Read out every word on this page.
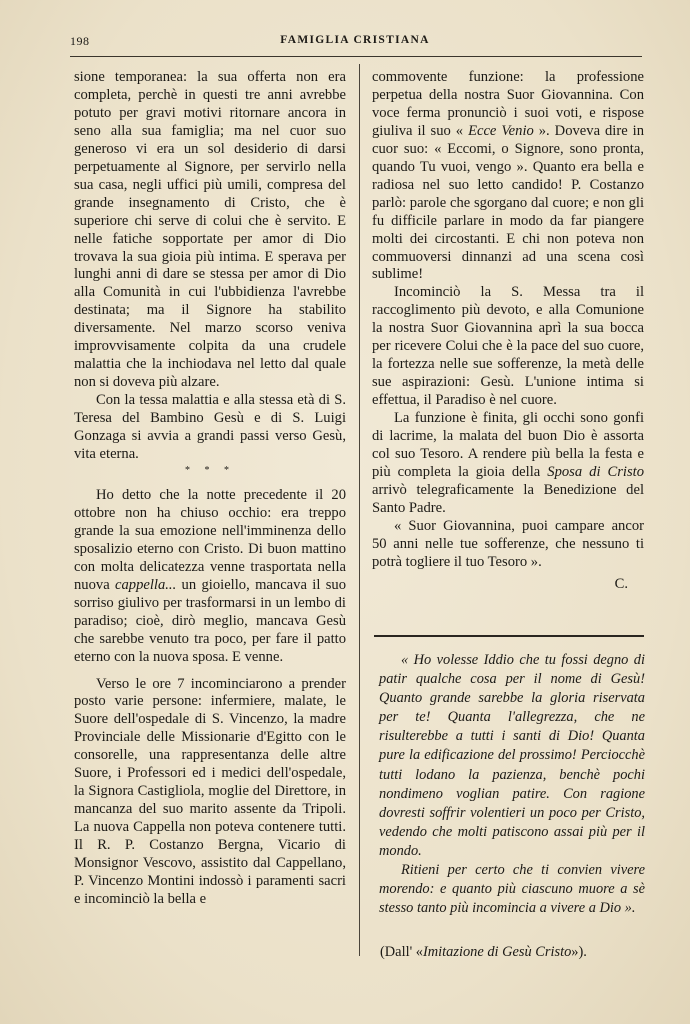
198	FAMIGLIA CRISTIANA

sione temporanea: la sua offerta non era completa, perchè in questi tre anni avrebbe potuto per gravi motivi ritornare ancora in seno alla sua famiglia; ma nel cuor suo generoso vi era un sol desiderio di darsi perpetuamente al Signore, per servirlo nella sua casa, negli uffici più umili, compresa del grande insegnamento di Cristo, che è superiore chi serve di colui che è servito. E nelle fatiche sopportate per amor di Dio trovava la sua gioia più intima. E sperava per lunghi anni di dare se stessa per amor di Dio alla Comunità in cui l'ubbidienza l'avrebbe destinata; ma il Signore ha stabilito diversamente. Nel marzo scorso veniva improvvisamente colpita da una crudele malattia che la inchiodava nel letto dal quale non si doveva più alzare.

Con la tessa malattia e alla stessa età di S. Teresa del Bambino Gesù e di S. Luigi Gonzaga si avvia a grandi passi verso Gesù, vita eterna.

* * *

Ho detto che la notte precedente il 20 ottobre non ha chiuso occhio: era treppo grande la sua emozione nell'imminenza dello sposalizio eterno con Cristo. Di buon mattino con molta delicatezza venne trasportata nella nuova cappella... un gioiello, mancava il suo sorriso giulivo per trasformarsi in un lembo di paradiso; cioè, dirò meglio, mancava Gesù che sarebbe venuto tra poco, per fare il patto eterno con la nuova sposa. E venne.

Verso le ore 7 incominciarono a prender posto varie persone: infermiere, malate, le Suore dell'ospedale di S. Vincenzo, la madre Provinciale delle Missionarie d'Egitto con le consorelle, una rappresentanza delle altre Suore, i Professori ed i medici dell'ospedale, la Signora Castigliola, moglie del Direttore, in mancanza del suo marito assente da Tripoli. La nuova Cappella non poteva contenere tutti. Il R. P. Costanzo Bergna, Vicario di Monsignor Vescovo, assistito dal Cappellano, P. Vincenzo Montini indossò i paramenti sacri e incominciò la bella e

commovente funzione: la professione perpetua della nostra Suor Giovannina. Con voce ferma pronunciò i suoi voti, e rispose giuliva il suo « Ecce Venio ». Doveva dire in cuor suo: « Eccomi, o Signore, sono pronta, quando Tu vuoi, vengo ». Quanto era bella e radiosa nel suo letto candido! P. Costanzo parlò: parole che sgorgano dal cuore; e non gli fu difficile parlare in modo da far piangere molti dei circostanti. E chi non poteva non commuoversi dinnanzi ad una scena così sublime!

Incominciò la S. Messa tra il raccoglimento più devoto, e alla Comunione la nostra Suor Giovannina aprì la sua bocca per ricevere Colui che è la pace del suo cuore, la fortezza nelle sue sofferenze, la metà delle sue aspirazioni: Gesù. L'unione intima si effettua, il Paradiso è nel cuore.

La funzione è finita, gli occhi sono gonfi di lacrime, la malata del buon Dio è assorta col suo Tesoro. A rendere più bella la festa e più completa la gioia della Sposa di Cristo arrivò telegraficamente la Benedizione del Santo Padre.

« Suor Giovannina, puoi campare ancor 50 anni nelle tue sofferenze, che nessuno ti potrà togliere il tuo Tesoro ».

C.

« Ho volesse Iddio che tu fossi degno di patir qualche cosa per il nome di Gesù! Quanto grande sarebbe la gloria riservata per te! Quanta l'allegrezza, che ne risulterebbe a tutti i santi di Dio! Quanta pure la edificazione del prossimo! Perciocchè tutti lodano la pazienza, benchè pochi nondimeno voglian patire. Con ragione dovresti soffrir volentieri un poco per Cristo, vedendo che molti patiscono assai più per il mondo.

Ritieni per certo che ti convien vivere morendo: e quanto più ciascuno muore a sè stesso tanto più incomincia a vivere a Dio ».

(Dall' «Imitazione di Gesù Cristo»).
